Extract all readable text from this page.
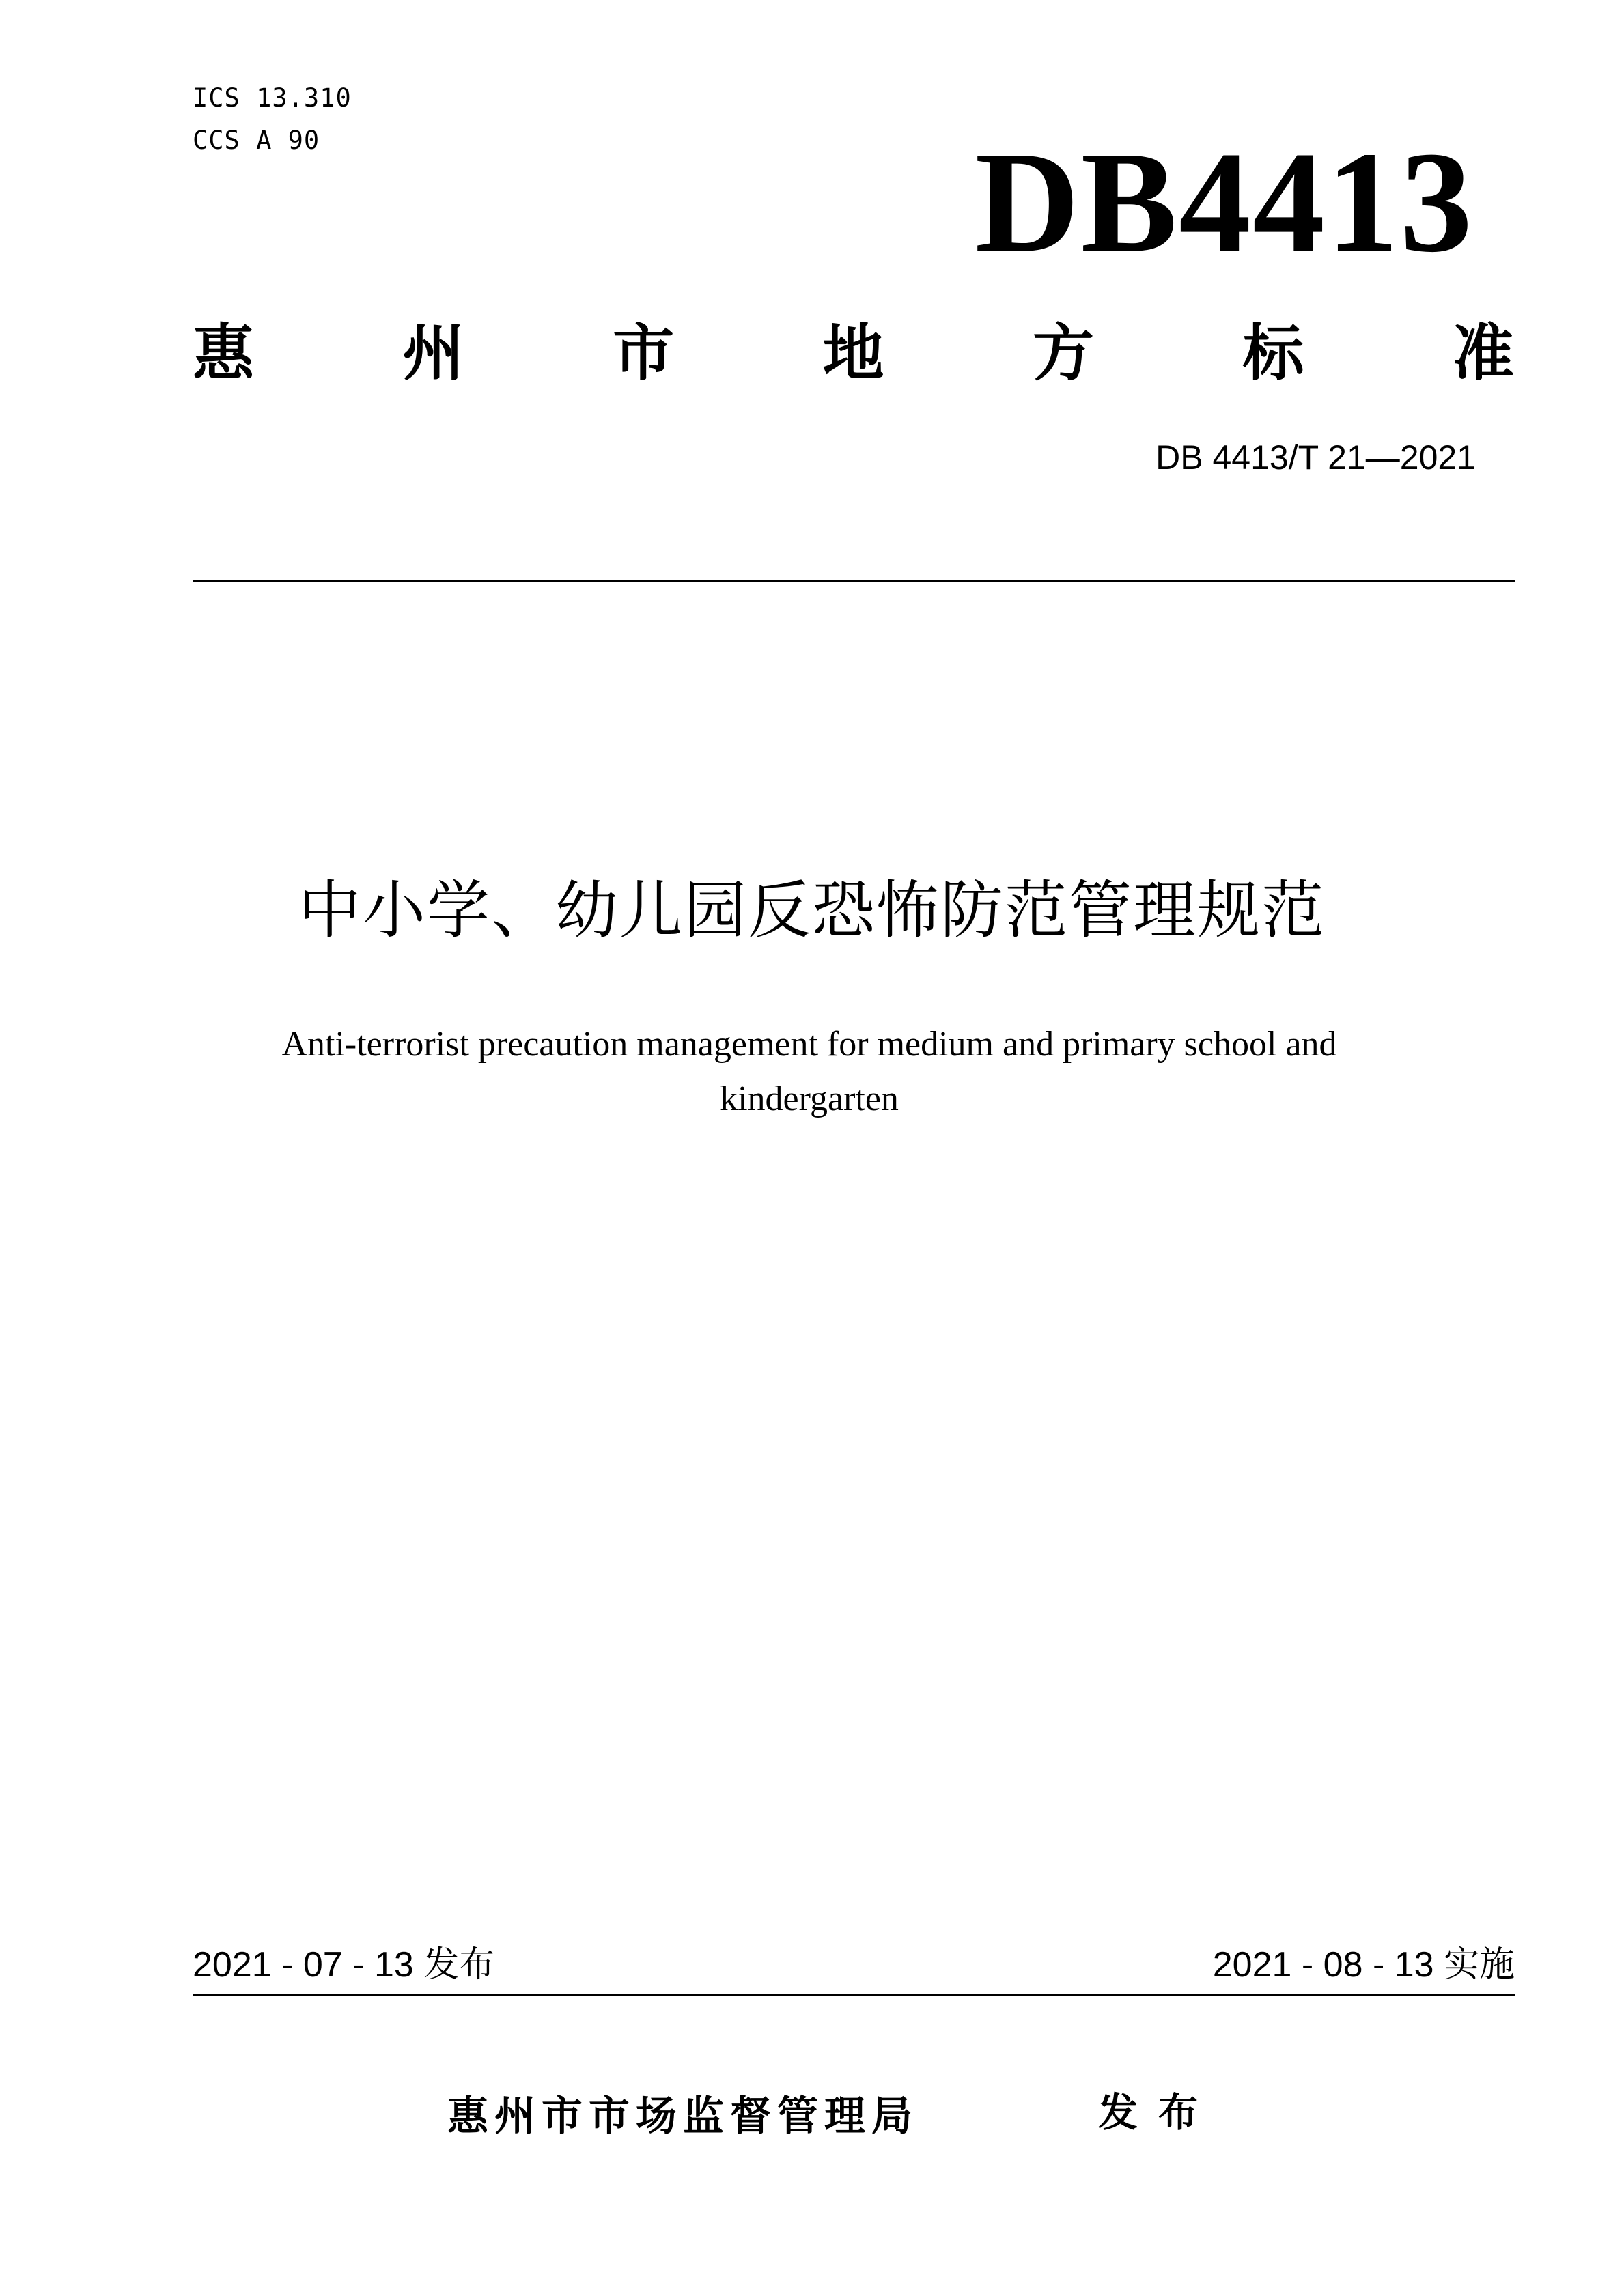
ICS 13.310
CCS A 90	DB4413
惠 州 市 地 方 标 准
DB 4413/T 21—2021
中小学、幼儿园反恐怖防范管理规范
Anti-terrorist precaution management for medium and primary school and
kindergarten
2021 - 07 - 13 发布	2021 - 08 - 13 实施
惠州市市场监督管理局	发布
